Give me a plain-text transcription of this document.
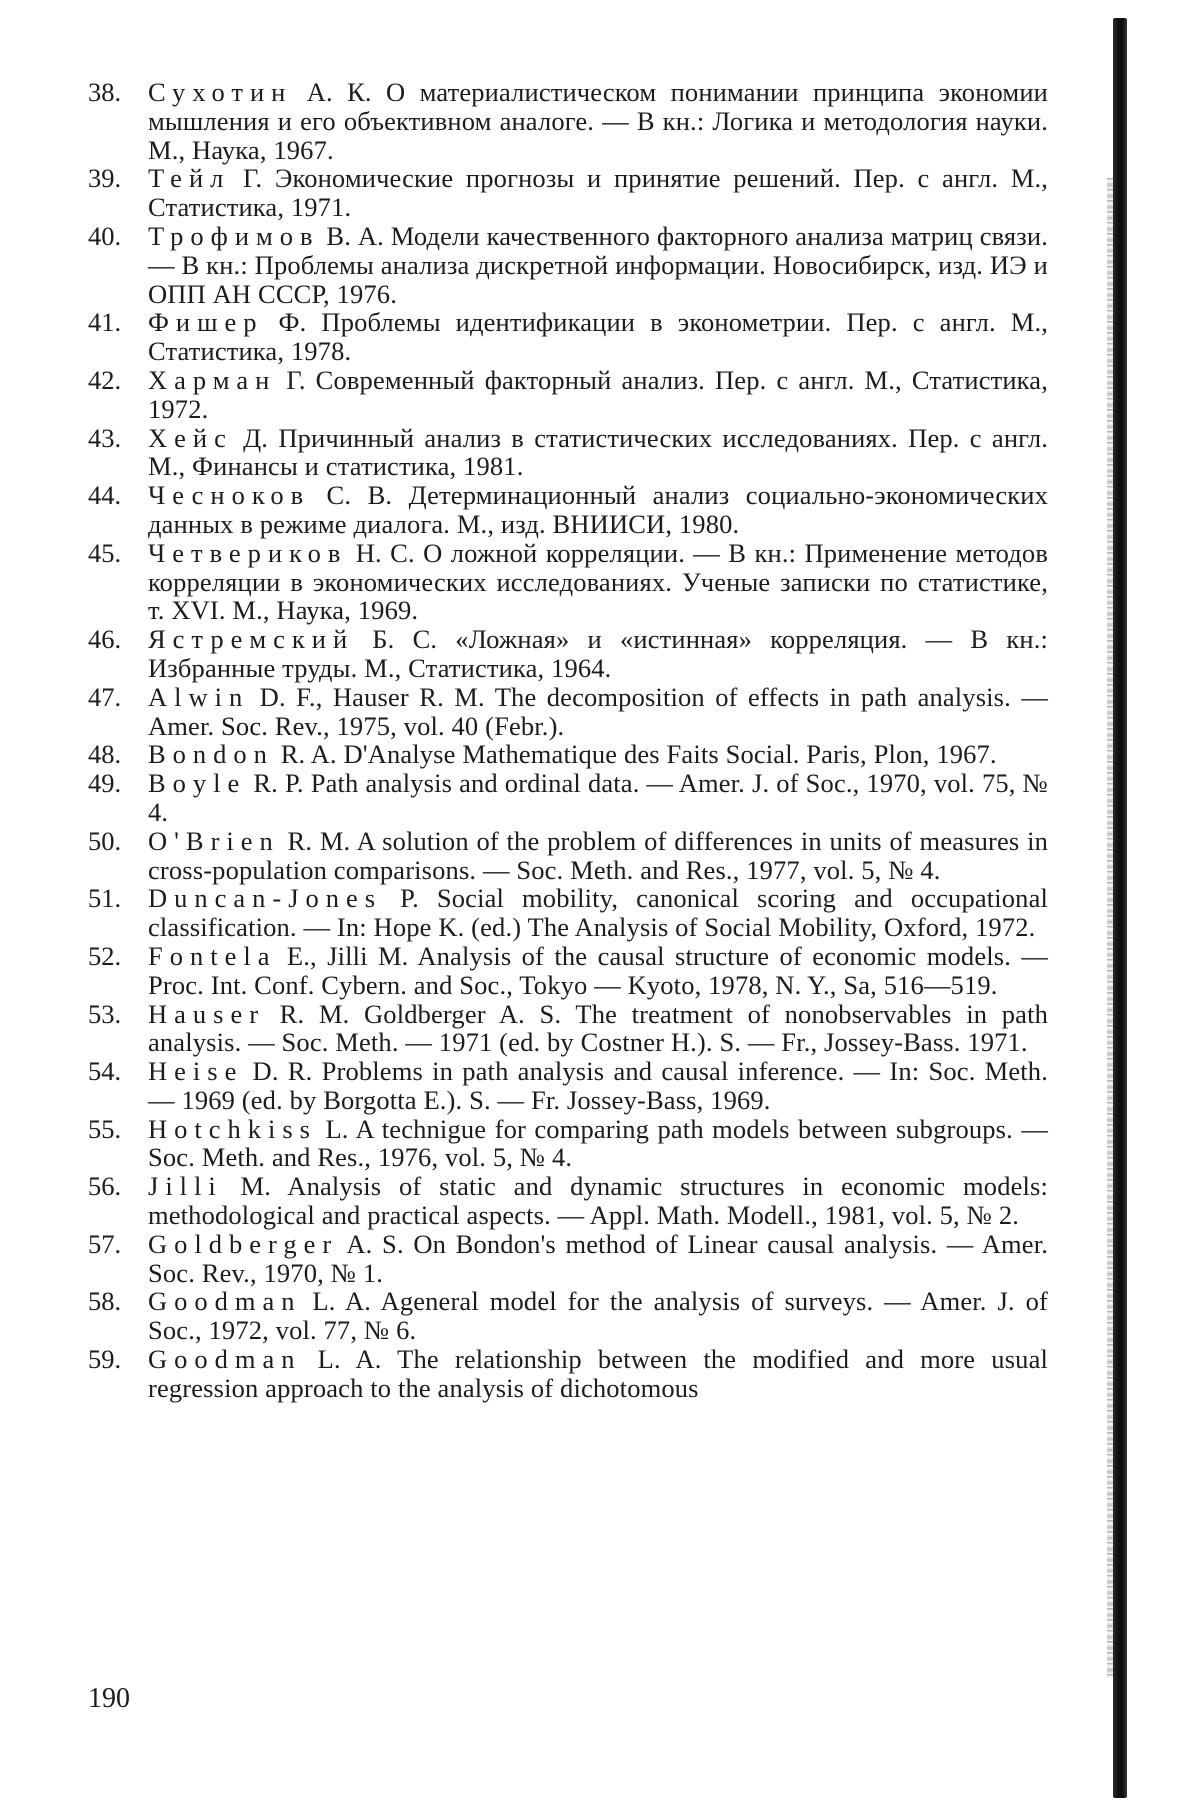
38.	Сухотин А. К. О материалистическом понимании принципа экономии мышления и его объективном аналоге. — В кн.: Логика и методология науки. М., Наука, 1967.
39.	Тейл Г. Экономические прогнозы и принятие решений. Пер. с англ. М., Статистика, 1971.
40.	Трофимов В. А. Модели качественного факторного анализа матриц связи. — В кн.: Проблемы анализа дискретной информации. Новосибирск, изд. ИЭ и ОПП АН СССР, 1976.
41.	Фишер Ф. Проблемы идентификации в эконометрии. Пер. с англ. М., Статистика, 1978.
42.	Харман Г. Современный факторный анализ. Пер. с англ. М., Статистика, 1972.
43.	Хейс Д. Причинный анализ в статистических исследованиях. Пер. с англ. М., Финансы и статистика, 1981.
44.	Чесноков С. В. Детерминационный анализ социально-экономических данных в режиме диалога. М., изд. ВНИИСИ, 1980.
45.	Четвериков Н. С. О ложной корреляции. — В кн.: Применение методов корреляции в экономических исследованиях. Ученые записки по статистике, т. XVI. М., Наука, 1969.
46.	Ястремский Б. С. «Ложная» и «истинная» корреляция. — В кн.: Избранные труды. М., Статистика, 1964.
47.	Alwin D. F., Hauser R. M. The decomposition of effects in path analysis. — Amer. Soc. Rev., 1975, vol. 40 (Febr.).
48.	Bondon R. A. D'Analyse Mathematique des Faits Social. Paris, Plon, 1967.
49.	Boyle R. P. Path analysis and ordinal data. — Amer. J. of Soc., 1970, vol. 75, № 4.
50.	O'Brien R. M. A solution of the problem of differences in units of measures in cross-population comparisons. — Soc. Meth. and Res., 1977, vol. 5, № 4.
51.	Duncan-Jones P. Social mobility, canonical scoring and occupational classification. — In: Hope K. (ed.) The Analysis of Social Mobility, Oxford, 1972.
52.	Fontela E., Jilli M. Analysis of the causal structure of economic models. — Proc. Int. Conf. Cybern. and Soc., Tokyo — Kyoto, 1978, N. Y., Sa, 516—519.
53.	Hauser R. M. Goldberger A. S. The treatment of nonobservables in path analysis. — Soc. Meth. — 1971 (ed. by Costner H.). S. — Fr., Jossey-Bass. 1971.
54.	Heise D. R. Problems in path analysis and causal inference. — In: Soc. Meth. — 1969 (ed. by Borgotta E.). S. — Fr. Jossey-Bass, 1969.
55.	Hotchkiss L. A technigue for comparing path models between subgroups. — Soc. Meth. and Res., 1976, vol. 5, № 4.
56.	Jilli M. Analysis of static and dynamic structures in economic models: methodological and practical aspects. — Appl. Math. Modell., 1981, vol. 5, № 2.
57.	Goldberger A. S. On Bondon's method of Linear causal analysis. — Amer. Soc. Rev., 1970, № 1.
58.	Goodman L. A. Ageneral model for the analysis of surveys. — Amer. J. of Soc., 1972, vol. 77, № 6.
59.	Goodman L. A. The relationship between the modified and more usual regression approach to the analysis of dichotomous
190
